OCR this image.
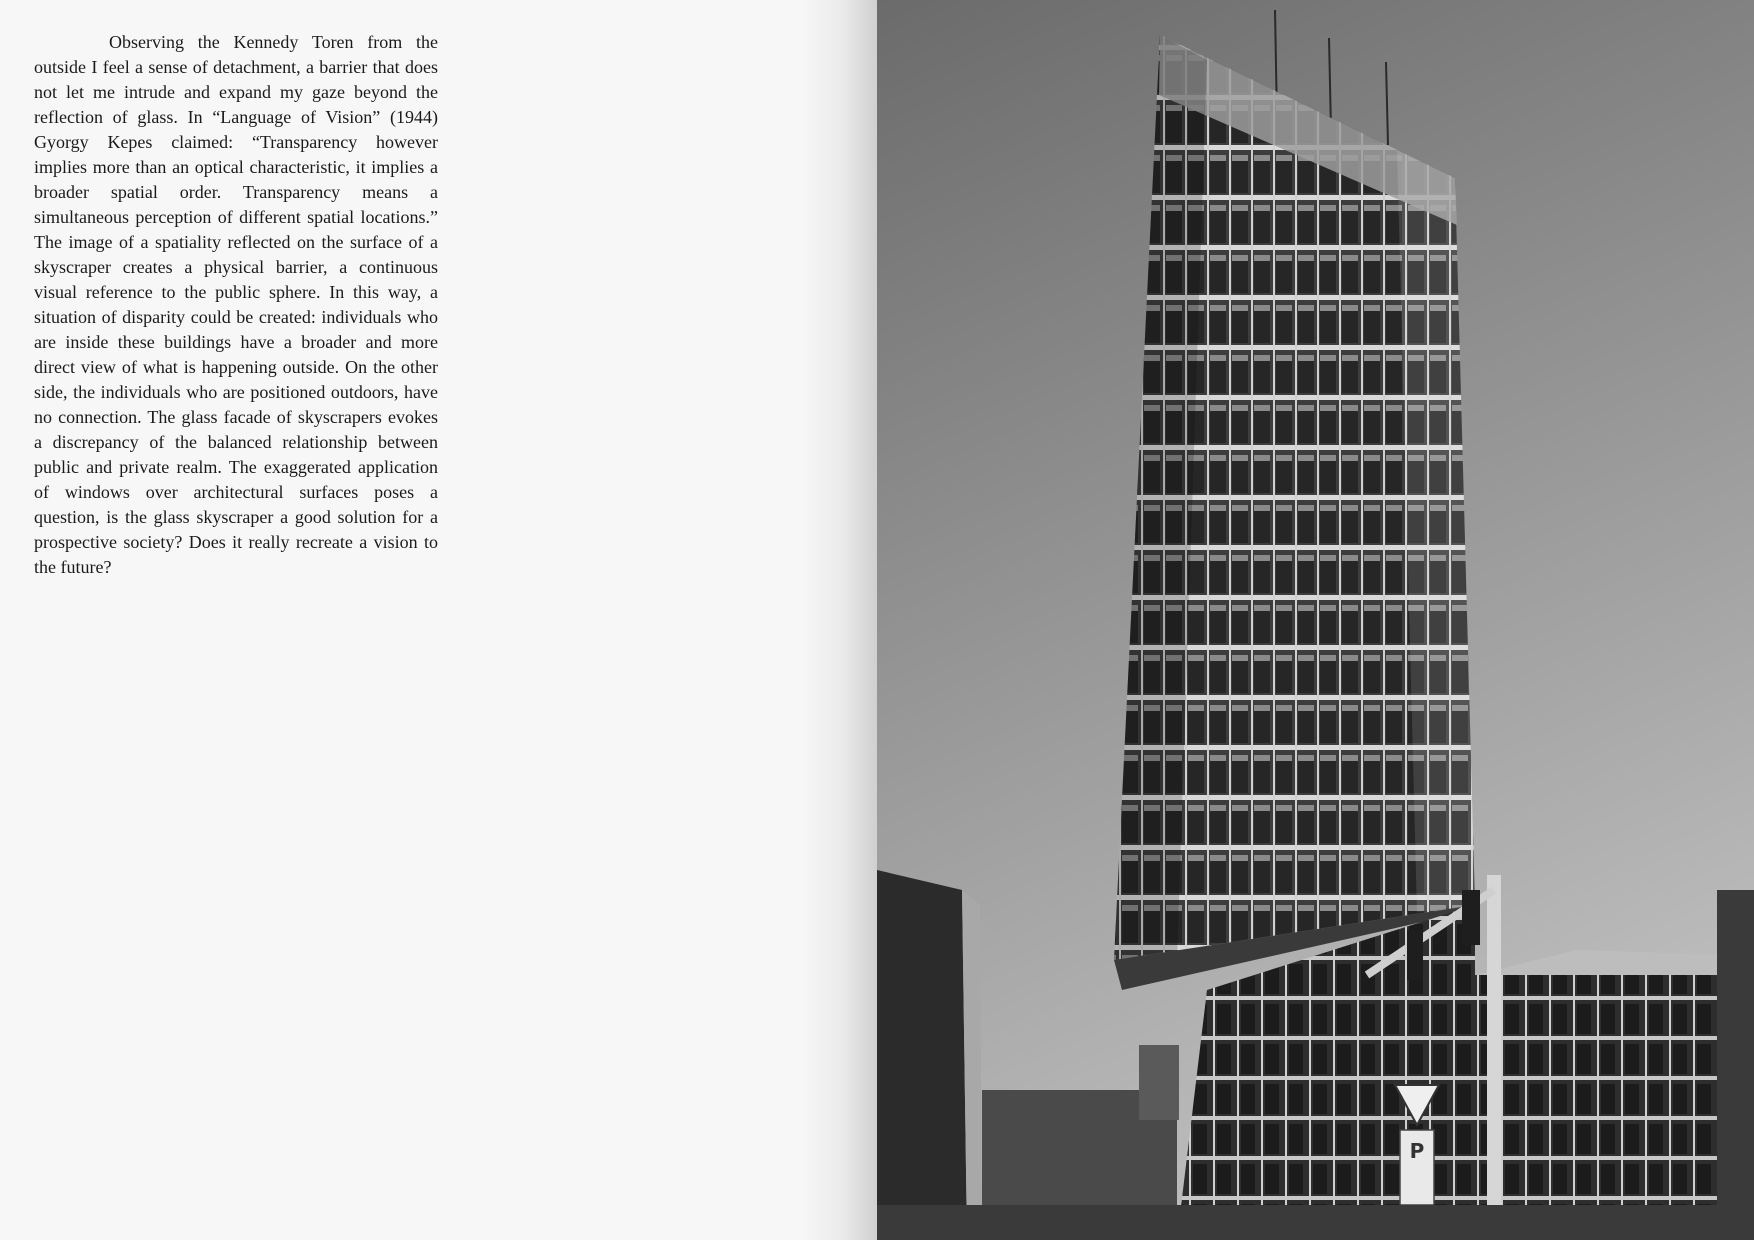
Observing the Kennedy Toren from the outside I feel a sense of detachment, a barrier that does not let me intrude and expand my gaze beyond the reflection of glass. In “Language of Vision” (1944) Gyorgy Kepes claimed: “Transparency however implies more than an optical characteristic, it implies a broader spatial order. Transparency means a simultaneous perception of different spatial locations.” The image of a spatiality reflected on the surface of a skyscraper creates a physical barrier, a continuous visual reference to the public sphere. In this way, a situation of disparity could be created: individuals who are inside these buildings have a broader and more direct view of what is happening outside. On the other side, the individuals who are positioned outdoors, have no connection. The glass facade of skyscrapers evokes a discrepancy of the balanced relationship between public and private realm. The exaggerated application of windows over architectural surfaces poses a question, is the glass skyscraper a good solution for a prospective society? Does it really recreate a vision to the future?

P
